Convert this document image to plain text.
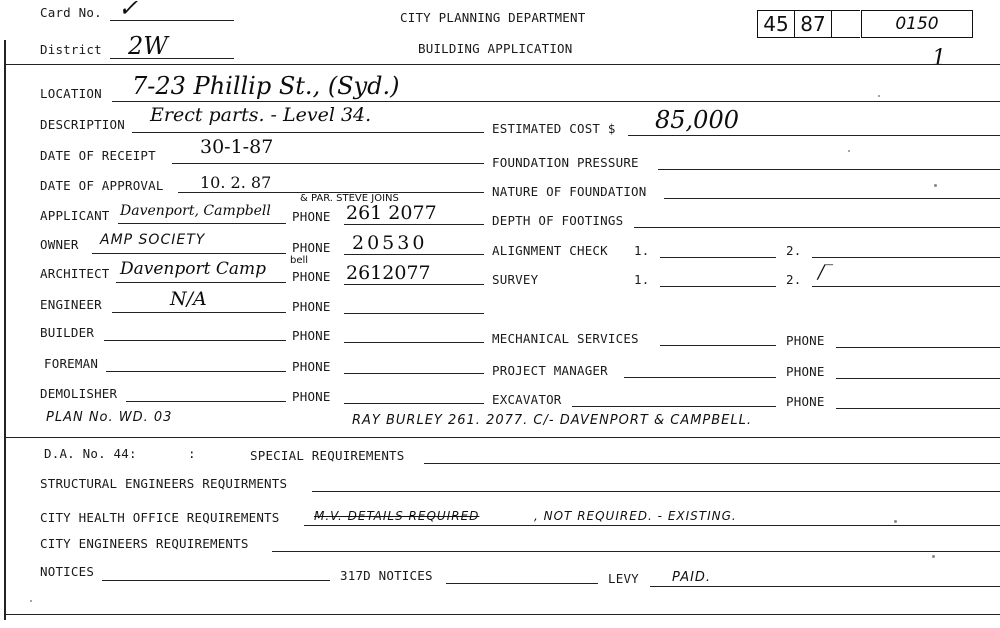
Card No. ✓
District 2W
CITY PLANNING DEPARTMENT
BUILDING APPLICATION
45 87	0150
1
LOCATION 7-23 Phillip St., (Syd.)
DESCRIPTION Erect parts. - Level 34.
ESTIMATED COST $ 85,000
DATE OF RECEIPT 30-1-87
FOUNDATION PRESSURE
DATE OF APPROVAL 10. 2. 87	NATURE OF FOUNDATION
APPLICANT Davenport, Campbell
& PAR. STEVE JOINS
PHONE 261 2077	DEPTH OF FOOTINGS
OWNER AMP SOCIETY	PHONE 20530	ALIGNMENT CHECK 1.	2.
ARCHITECT Davenport Camp bell
PHONE 2612077	SURVEY	1.	2. /‾
ENGINEER	N/A	PHONE
BUILDER	PHONE	MECHANICAL SERVICES	PHONE
FOREMAN	PHONE	PROJECT MANAGER	PHONE
DEMOLISHER	PHONE	EXCAVATOR	PHONE
PLAN No. WD. 03	RAY BURLEY 261. 2077. C/- DAVENPORT & CAMPBELL.
D.A. No. 44:	:	SPECIAL REQUIREMENTS
STRUCTURAL ENGINEERS REQUIRMENTS
CITY HEALTH OFFICE REQUIREMENTS	M.V. DETAILS REQUIRED	, NOT REQUIRED. - EXISTING.
CITY ENGINEERS REQUIREMENTS
NOTICES	317D NOTICES	LEVY	PAID.
